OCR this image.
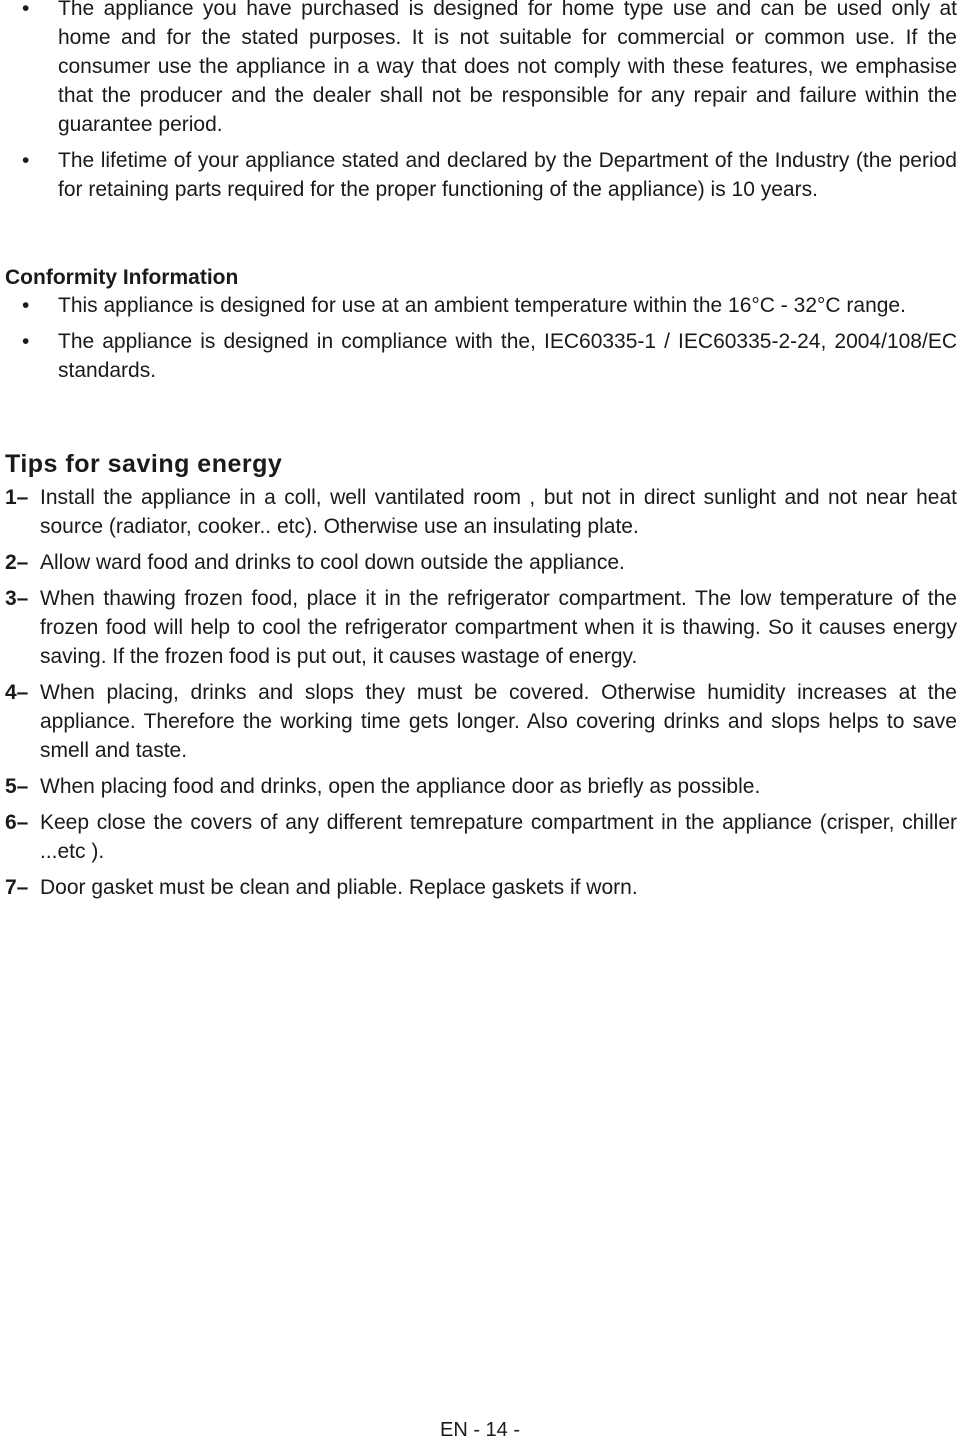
•	The appliance you have purchased is designed for home type use and can be used only at home and for the stated purposes. It is not suitable for commercial or common use. If the consumer use the appliance in a way that does not comply with these features, we emphasise that the producer and the dealer shall not be responsible for any repair and failure within the guarantee period.
•	The lifetime of your appliance stated and declared by the Department of the Industry (the period for retaining parts required for the proper functioning of the appliance) is 10 years.
Conformity Information
•	This appliance is designed for use at an ambient temperature within the 16°C - 32°C range.
•	The appliance is designed in compliance with the, IEC60335-1 / IEC60335-2-24, 2004/108/EC standards.
Tips for saving energy
1– Install the appliance in a coll, well vantilated room , but not in direct sunlight and not near heat source (radiator, cooker.. etc). Otherwise use an insulating plate.
2– Allow ward food and drinks to cool down outside the appliance.
3– When thawing frozen food, place it in the refrigerator compartment. The low temperature of the frozen food will help to cool the refrigerator compartment when it is thawing. So it causes energy saving. If the frozen food is put out, it causes wastage of energy.
4– When placing, drinks and slops they must be covered. Otherwise humidity increases at the appliance. Therefore the working time gets longer. Also covering drinks and slops helps to save smell and taste.
5– When placing food and drinks, open the appliance door as briefly as possible.
6– Keep close the covers of any different temrepature compartment in the appliance (crisper, chiller ...etc ).
7– Door gasket must be clean and pliable. Replace gaskets if worn.
EN - 14 -
